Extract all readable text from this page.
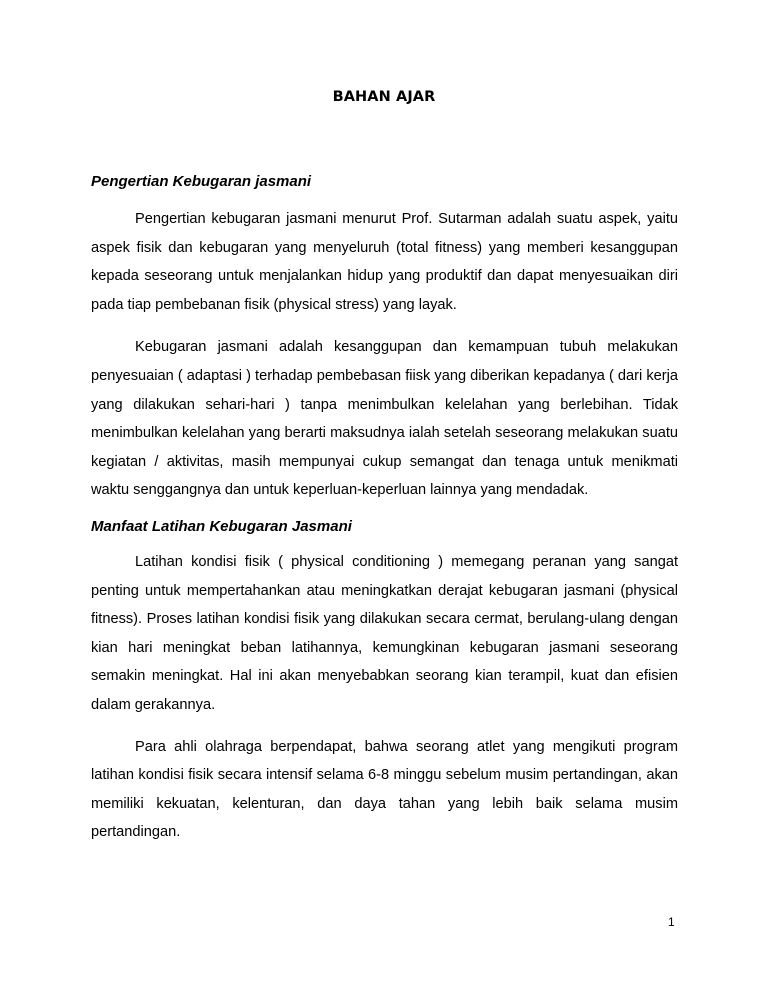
BAHAN AJAR
Pengertian Kebugaran jasmani

Pengertian kebugaran jasmani menurut Prof. Sutarman adalah suatu aspek, yaitu aspek fisik dan kebugaran yang menyeluruh (total fitness) yang memberi kesanggupan kepada seseorang untuk menjalankan hidup yang produktif dan dapat menyesuaikan diri pada tiap pembebanan fisik (physical stress) yang layak.

Kebugaran jasmani adalah kesanggupan dan kemampuan tubuh melakukan penyesuaian ( adaptasi ) terhadap pembebasan fiisk yang diberikan kepadanya ( dari kerja yang dilakukan sehari-hari ) tanpa menimbulkan kelelahan yang berlebihan. Tidak menimbulkan kelelahan yang berarti maksudnya ialah setelah seseorang melakukan suatu kegiatan / aktivitas, masih mempunyai cukup semangat dan tenaga untuk menikmati waktu senggangnya dan untuk keperluan-keperluan lainnya yang mendadak.

Manfaat Latihan Kebugaran Jasmani

Latihan kondisi fisik ( physical conditioning ) memegang peranan yang sangat penting untuk mempertahankan atau meningkatkan derajat kebugaran jasmani (physical fitness). Proses latihan kondisi fisik yang dilakukan secara cermat, berulang-ulang dengan kian hari meningkat beban latihannya, kemungkinan kebugaran jasmani seseorang semakin meningkat. Hal ini akan menyebabkan seorang kian terampil, kuat dan efisien dalam gerakannya.

Para ahli olahraga berpendapat, bahwa seorang atlet yang mengikuti program latihan kondisi fisik secara intensif selama 6-8 minggu sebelum musim pertandingan, akan memiliki kekuatan, kelenturan, dan daya tahan yang lebih baik selama musim pertandingan.

1
